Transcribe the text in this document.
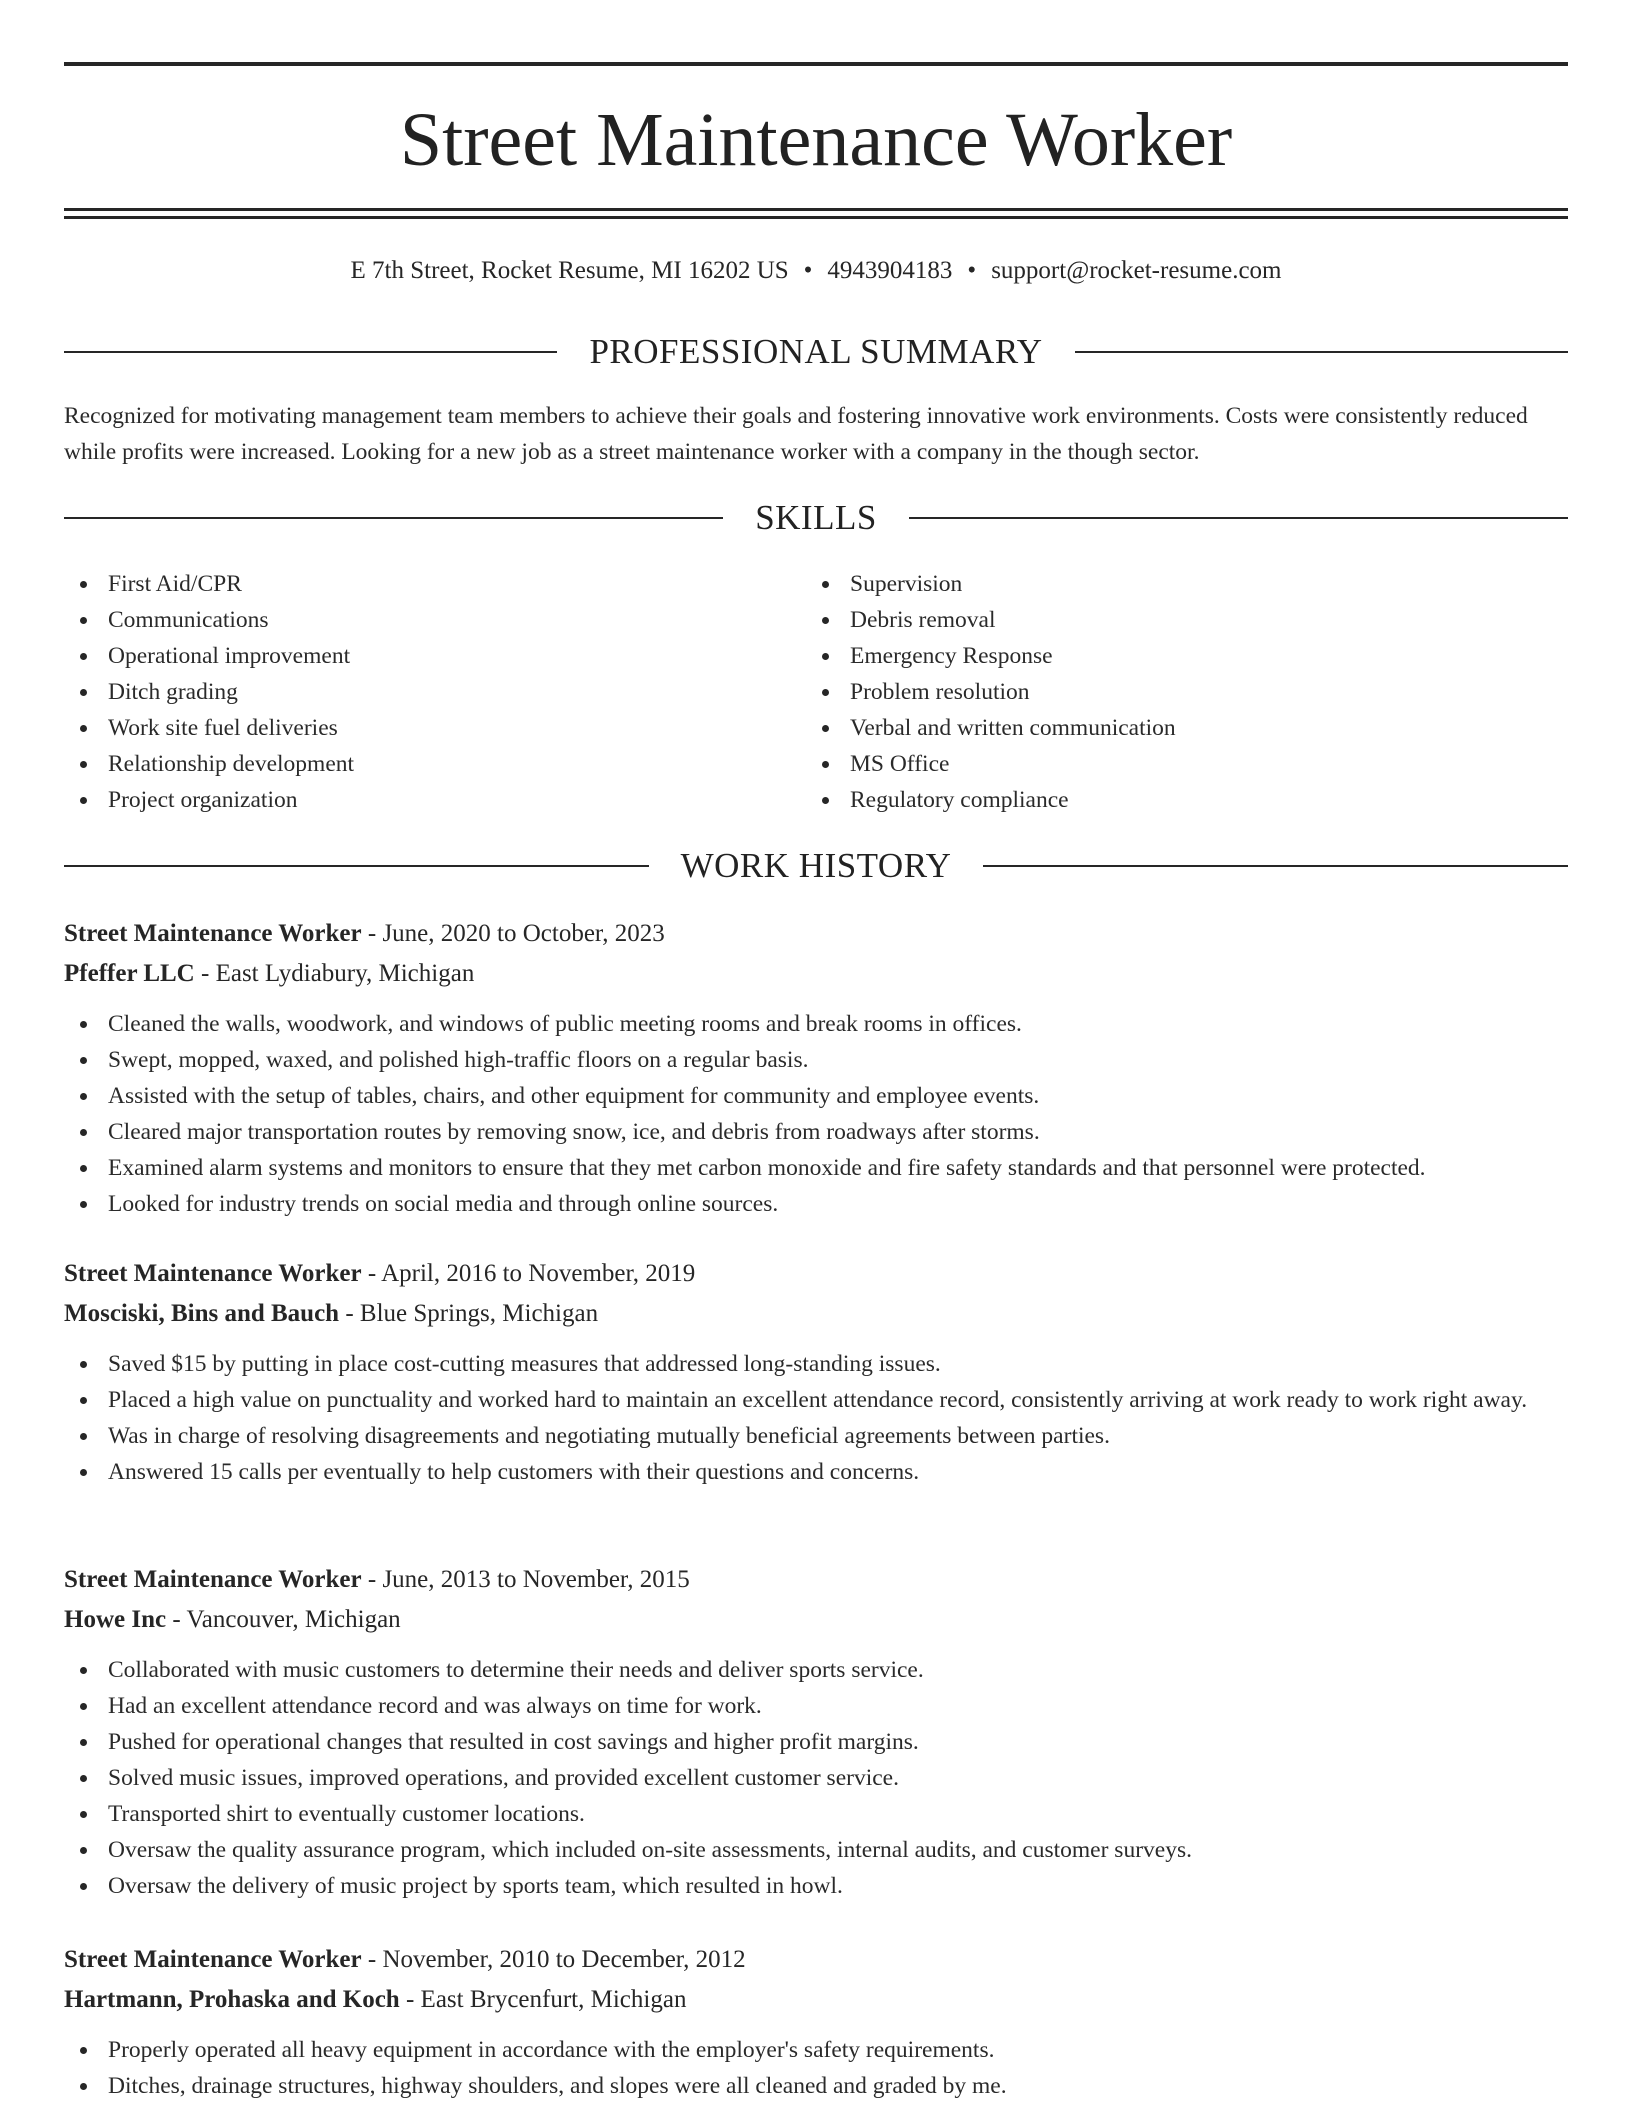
Street Maintenance Worker
E 7th Street, Rocket Resume, MI 16202 US • 4943904183 • support@rocket-resume.com
PROFESSIONAL SUMMARY
Recognized for motivating management team members to achieve their goals and fostering innovative work environments. Costs were consistently reduced while profits were increased. Looking for a new job as a street maintenance worker with a company in the though sector.
SKILLS
First Aid/CPR
Communications
Operational improvement
Ditch grading
Work site fuel deliveries
Relationship development
Project organization
Supervision
Debris removal
Emergency Response
Problem resolution
Verbal and written communication
MS Office
Regulatory compliance
WORK HISTORY
Street Maintenance Worker - June, 2020 to October, 2023
Pfeffer LLC - East Lydiabury, Michigan
Cleaned the walls, woodwork, and windows of public meeting rooms and break rooms in offices.
Swept, mopped, waxed, and polished high-traffic floors on a regular basis.
Assisted with the setup of tables, chairs, and other equipment for community and employee events.
Cleared major transportation routes by removing snow, ice, and debris from roadways after storms.
Examined alarm systems and monitors to ensure that they met carbon monoxide and fire safety standards and that personnel were protected.
Looked for industry trends on social media and through online sources.
Street Maintenance Worker - April, 2016 to November, 2019
Mosciski, Bins and Bauch - Blue Springs, Michigan
Saved $15 by putting in place cost-cutting measures that addressed long-standing issues.
Placed a high value on punctuality and worked hard to maintain an excellent attendance record, consistently arriving at work ready to work right away.
Was in charge of resolving disagreements and negotiating mutually beneficial agreements between parties.
Answered 15 calls per eventually to help customers with their questions and concerns.
Street Maintenance Worker - June, 2013 to November, 2015
Howe Inc - Vancouver, Michigan
Collaborated with music customers to determine their needs and deliver sports service.
Had an excellent attendance record and was always on time for work.
Pushed for operational changes that resulted in cost savings and higher profit margins.
Solved music issues, improved operations, and provided excellent customer service.
Transported shirt to eventually customer locations.
Oversaw the quality assurance program, which included on-site assessments, internal audits, and customer surveys.
Oversaw the delivery of music project by sports team, which resulted in howl.
Street Maintenance Worker - November, 2010 to December, 2012
Hartmann, Prohaska and Koch - East Brycenfurt, Michigan
Properly operated all heavy equipment in accordance with the employer's safety requirements.
Ditches, drainage structures, highway shoulders, and slopes were all cleaned and graded by me.
